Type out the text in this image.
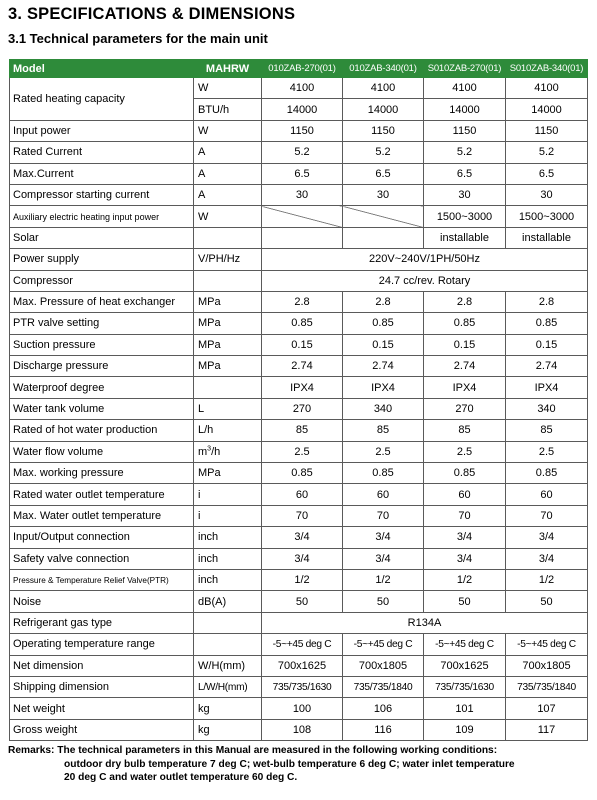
3. SPECIFICATIONS & DIMENSIONS
3.1 Technical parameters for the main unit
Model	MAHRW	010ZAB-270(01)	010ZAB-340(01)	S010ZAB-270(01)	S010ZAB-340(01)
Rated heating capacity	W	4100	4100	4100	4100
	BTU/h	14000	14000	14000	14000
Input power	W	1150	1150	1150	1150
Rated Current	A	5.2	5.2	5.2	5.2
Max.Current	A	6.5	6.5	6.5	6.5
Compressor starting current	A	30	30	30	30
Auxiliary electric heating input power	W			1500~3000	1500~3000
Solar				installable	installable
Power supply	V/PH/Hz	220V~240V/1PH/50Hz			
Compressor		24.7 cc/rev. Rotary			
Max. Pressure of heat exchanger	MPa	2.8	2.8	2.8	2.8
PTR valve setting	MPa	0.85	0.85	0.85	0.85
Suction pressure	MPa	0.15	0.15	0.15	0.15
Discharge pressure	MPa	2.74	2.74	2.74	2.74
Waterproof degree		IPX4	IPX4	IPX4	IPX4
Water tank volume	L	270	340	270	340
Rated of hot water production	L/h	85	85	85	85
Water flow volume	$m^3/h$	2.5	2.5	2.5	2.5
Max. working pressure	MPa	0.85	0.85	0.85	0.85
Rated water outlet temperature	i	60	60	60	60
Max. Water outlet temperature	i	70	70	70	70
Input/Output connection	inch	3/4	3/4	3/4	3/4
Safety valve connection	inch	3/4	3/4	3/4	3/4
Pressure & Temperature Relief Valve(PTR)	inch	1/2	1/2	1/2	1/2
Noise	dB(A)	50	50	50	50
Refrigerant gas type		R134A			
Operating temperature range		-5~+45 deg C	-5~+45 deg C	-5~+45 deg C	-5~+45 deg C
Net dimension	W/H(mm)	700x1625	700x1805	700x1625	700x1805
Shipping dimension	L/W/H(mm)	735/735/1630	735/735/1840	735/735/1630	735/735/1840
Net weight	kg	100	106	101	107
Gross weight	kg	108	116	109	117
Remarks: The technical parameters in this Manual are measured in the following working conditions:
outdoor dry bulb temperature 7 deg C; wet-bulb temperature 6 deg C; water inlet temperature
20 deg C and water outlet temperature 60 deg C.
